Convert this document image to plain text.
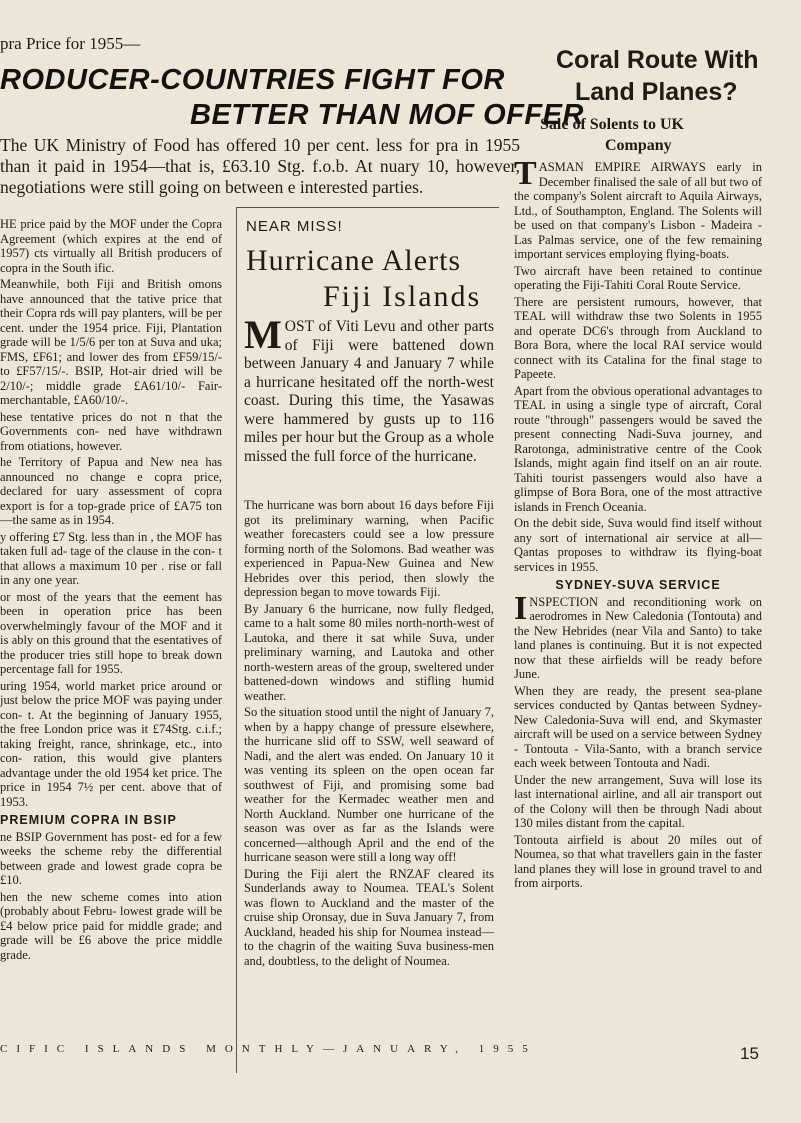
pra Price for 1955—
RODUCER-COUNTRIES FIGHT FOR
BETTER THAN MOF OFFER
The UK Ministry of Food has offered 10 per cent. less for pra in 1955 than it paid in 1954—that is, £63.10 Stg. f.o.b. At nuary 10, however, negotiations were still going on between e interested parties.

HE price paid by the MOF under the Copra Agreement (which expires at the end of 1957) cts virtually all British producers of copra in the South ific.

Meanwhile, both Fiji and British omons have announced that the tative price that their Copra rds will pay planters, will be per cent. under the 1954 price. Fiji, Plantation grade will be 1/5/6 per ton at Suva and uka; FMS, £F61; and lower des from £F59/15/- to £F57/15/-. BSIP, Hot-air dried will be 2/10/-; middle grade £A61/10/- Fair-merchantable, £A60/10/-.

hese tentative prices do not n that the Governments con- ned have withdrawn from otiations, however.

he Territory of Papua and New nea has announced no change e copra price, declared for uary assessment of copra export is for a top-grade price of £A75 ton—the same as in 1954.

y offering £7 Stg. less than in , the MOF has taken full ad- tage of the clause in the con- t that allows a maximum 10 per . rise or fall in any one year.

or most of the years that the eement has been in operation price has been overwhelmingly favour of the MOF and it is ably on this ground that the esentatives of the producer tries still hope to break down percentage fall for 1955.

uring 1954, world market price around or just below the price MOF was paying under con- t. At the beginning of January 1955, the free London price was it £74Stg. c.i.f.; taking freight, rance, shrinkage, etc., into con- ration, this would give planters advantage under the old 1954 ket price. The price in 1954 7½ per cent. above that of 1953.

PREMIUM COPRA IN BSIP

ne BSIP Government has post- ed for a few weeks the scheme reby the differential between grade and lowest grade copra be £10.

hen the new scheme comes into ation (probably about Febru- lowest grade will be £4 below price paid for middle grade; and grade will be £6 above the price middle grade.

NEAR MISS!
Hurricane Alerts
Fiji Islands
M OST of Viti Levu and other parts of Fiji were battened down between January 4 and January 7 while a hurricane hesitated off the north-west coast. During this time, the Yasawas were hammered by gusts up to 116 miles per hour but the Group as a whole missed the full force of the hurricane.

The hurricane was born about 16 days before Fiji got its preliminary warning, when Pacific weather forecasters could see a low pressure forming north of the Solomons. Bad weather was experienced in Papua-New Guinea and New Hebrides over this period, then slowly the depression began to move towards Fiji.

By January 6 the hurricane, now fully fledged, came to a halt some 80 miles north-north-west of Lautoka, and there it sat while Suva, under preliminary warning, and Lautoka and other north-western areas of the group, sweltered under battened-down windows and stifling humid weather.

So the situation stood until the night of January 7, when by a happy change of pressure elsewhere, the hurricane slid off to SSW, well seaward of Nadi, and the alert was ended. On January 10 it was venting its spleen on the open ocean far southwest of Fiji, and promising some bad weather for the Kermadec weather men and North Auckland. Number one hurricane of the season was over as far as the Islands were concerned—although April and the end of the hurricane season were still a long way off!

During the Fiji alert the RNZAF cleared its Sunderlands away to Noumea. TEAL's Solent was flown to Auckland and the master of the cruise ship Oronsay, due in Suva January 7, from Auckland, headed his ship for Noumea instead—to the chagrin of the waiting Suva business-men and, doubtless, to the delight of Noumea.

Coral Route With
Land Planes?
Sale of Solents to UK
Company

TASMAN EMPIRE AIRWAYS early in December finalised the sale of all but two of the company's Solent aircraft to Aquila Airways, Ltd., of Southampton, England. The Solents will be used on that company's Lisbon - Madeira - Las Palmas service, one of the few remaining important services employing flying-boats.

Two aircraft have been retained to continue operating the Fiji-Tahiti Coral Route Service.

There are persistent rumours, however, that TEAL will withdraw thse two Solents in 1955 and operate DC6's through from Auckland to Bora Bora, where the local RAI service would connect with its Catalina for the final stage to Papeete.

Apart from the obvious operational advantages to TEAL in using a single type of aircraft, Coral route "through" passengers would be saved the present connecting Nadi-Suva journey, and Rarotonga, administrative centre of the Cook Islands, might again find itself on an air route. Tahiti tourist passengers would also have a glimpse of Bora Bora, one of the most attractive islands in French Oceania.

On the debit side, Suva would find itself without any sort of international air service at all—Qantas proposes to withdraw its flying-boat services in 1955.

SYDNEY-SUVA SERVICE

INSPECTION and reconditioning work on aerodromes in New Caledonia (Tontouta) and the New Hebrides (near Vila and Santo) to take land planes is continuing. But it is not expected now that these airfields will be ready before June.

When they are ready, the present sea-plane services conducted by Qantas between Sydney-New Caledonia-Suva will end, and Skymaster aircraft will be used on a service between Sydney - Tontouta - Vila-Santo, with a branch service each week between Tontouta and Nadi.

Under the new arrangement, Suva will lose its last international airline, and all air transport out of the Colony will then be through Nadi about 130 miles distant from the capital.

Tontouta airfield is about 20 miles out of Noumea, so that what travellers gain in the faster land planes they will lose in ground travel to and from airports.

CIFIC ISLANDS MONTHLY—JANUARY, 1955	15
